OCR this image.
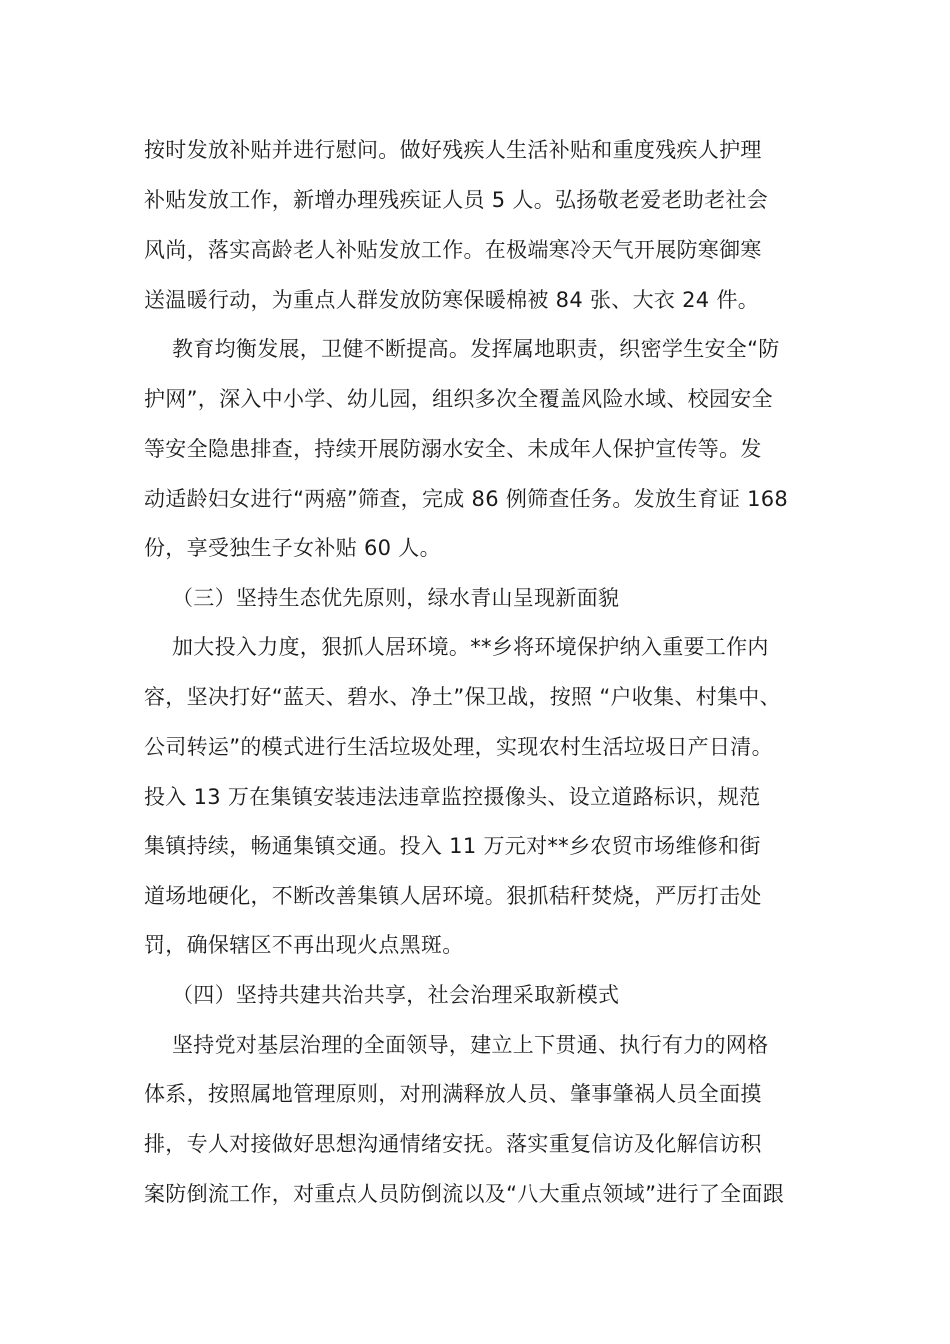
按时发放补贴并进行慰问。做好残疾人生活补贴和重度残疾人护理
补贴发放工作，新增办理残疾证人员 5 人。弘扬敬老爱老助老社会
风尚，落实高龄老人补贴发放工作。在极端寒冷天气开展防寒御寒
送温暖行动，为重点人群发放防寒保暖棉被 84 张、大衣 24 件。
教育均衡发展，卫健不断提高。发挥属地职责，织密学生安全“防
护网”，深入中小学、幼儿园，组织多次全覆盖风险水域、校园安全
等安全隐患排查，持续开展防溺水安全、未成年人保护宣传等。发
动适龄妇女进行“两癌”筛查，完成 86 例筛查任务。发放生育证 168
份，享受独生子女补贴 60 人。
（三）坚持生态优先原则，绿水青山呈现新面貌
加大投入力度，狠抓人居环境。**乡将环境保护纳入重要工作内
容，坚决打好“蓝天、碧水、净土”保卫战，按照 “户收集、村集中、
公司转运”的模式进行生活垃圾处理，实现农村生活垃圾日产日清。
投入 13 万在集镇安装违法违章监控摄像头、设立道路标识，规范
集镇持续，畅通集镇交通。投入 11 万元对**乡农贸市场维修和街
道场地硬化，不断改善集镇人居环境。狠抓秸秆焚烧，严厉打击处
罚，确保辖区不再出现火点黑斑。
（四）坚持共建共治共享，社会治理采取新模式
坚持党对基层治理的全面领导，建立上下贯通、执行有力的网格
体系，按照属地管理原则，对刑满释放人员、肇事肇祸人员全面摸
排，专人对接做好思想沟通情绪安抚。落实重复信访及化解信访积
案防倒流工作，对重点人员防倒流以及“八大重点领域”进行了全面跟
